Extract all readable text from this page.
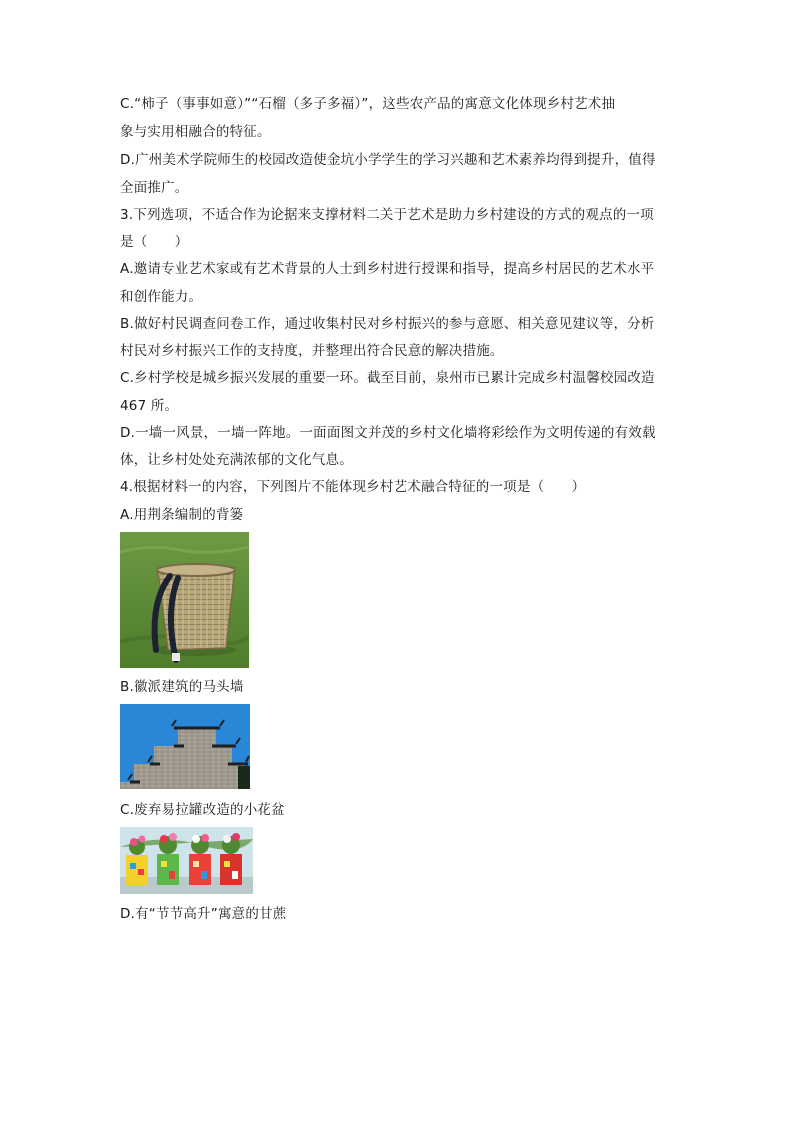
C.“柿子（事事如意）”“石榴（多子多福）”，这些农产品的寓意文化体现乡村艺术抽
象与实用相融合的特征。
D.广州美术学院师生的校园改造使金坑小学学生的学习兴趣和艺术素养均得到提升，值得
全面推广。
3.下列选项，不适合作为论据来支撑材料二关于艺术是助力乡村建设的方式的观点的一项
是（　　）
A.邀请专业艺术家或有艺术背景的人士到乡村进行授课和指导，提高乡村居民的艺术水平
和创作能力。
B.做好村民调查问卷工作，通过收集村民对乡村振兴的参与意愿、相关意见建议等，分析
村民对乡村振兴工作的支持度，并整理出符合民意的解决措施。
C.乡村学校是城乡振兴发展的重要一环。截至目前，泉州市已累计完成乡村温馨校园改造
467 所。
D.一墙一风景，一墙一阵地。一面面图文并茂的乡村文化墙将彩绘作为文明传递的有效载
体，让乡村处处充满浓郁的文化气息。
4.根据材料一的内容，下列图片不能体现乡村艺术融合特征的一项是（　　）
A.用荆条编制的背篓
B.徽派建筑的马头墙
C.废弃易拉罐改造的小花盆
D.有“节节高升”寓意的甘蔗
